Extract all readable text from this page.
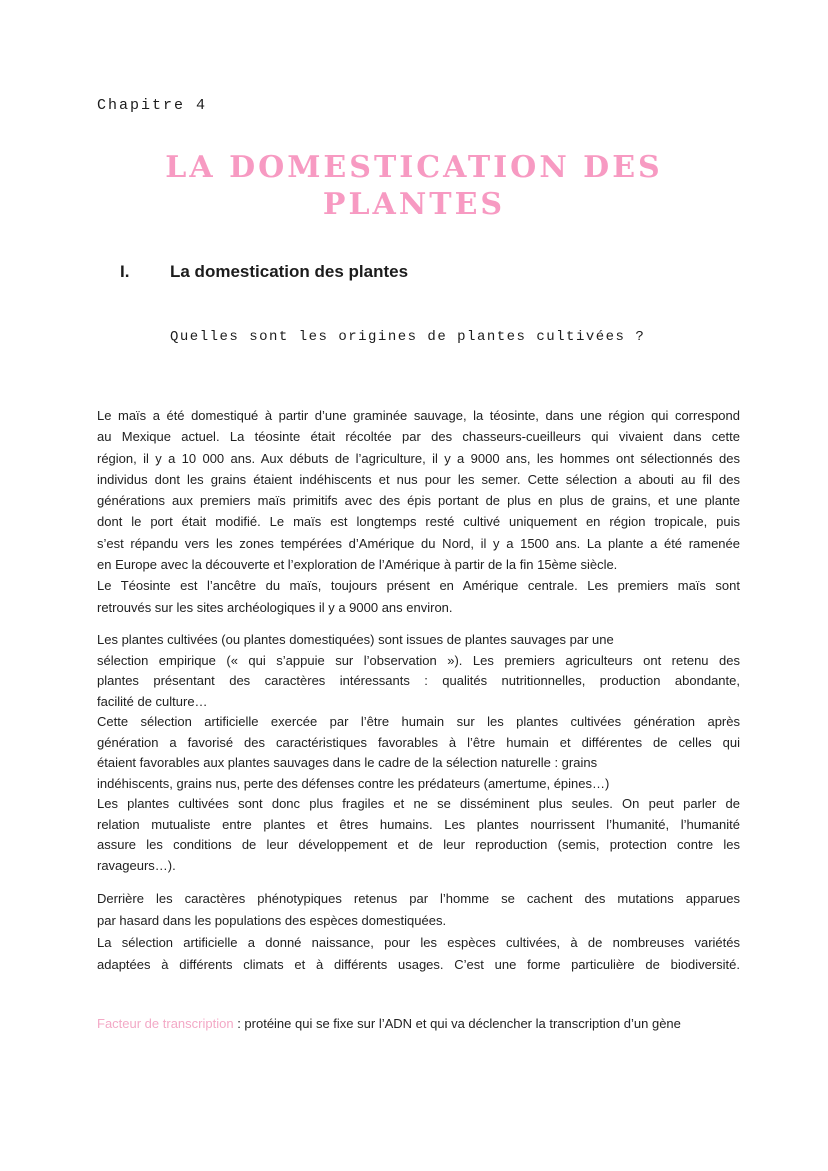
Chapitre 4
LA DOMESTICATION DES
PLANTES
I. La domestication des plantes
Quelles sont les origines de plantes cultivées ?
Le maïs a été domestiqué à partir d’une graminée sauvage, la téosinte, dans une région qui correspond
au Mexique actuel. La téosinte était récoltée par des chasseurs-cueilleurs qui vivaient dans cette
région, il y a 10 000 ans. Aux débuts de l’agriculture, il y a 9000 ans, les hommes ont sélectionnés des
individus dont les grains étaient indéhiscents et nus pour les semer. Cette sélection a abouti au fil des
générations aux premiers maïs primitifs avec des épis portant de plus en plus de grains, et une plante
dont le port était modifié. Le maïs est longtemps resté cultivé uniquement en région tropicale, puis
s’est répandu vers les zones tempérées d’Amérique du Nord, il y a 1500 ans. La plante a été ramenée
en Europe avec la découverte et l’exploration de l’Amérique à partir de la fin 15ème siècle.
Le Téosinte est l’ancêtre du maïs, toujours présent en Amérique centrale. Les premiers maïs sont
retrouvés sur les sites archéologiques il y a 9000 ans environ.
Les plantes cultivées (ou plantes domestiquées) sont issues de plantes sauvages par une
sélection empirique (« qui s’appuie sur l’observation »). Les premiers agriculteurs ont retenu des
plantes présentant des caractères intéressants : qualités nutritionnelles, production abondante,
facilité de culture…
Cette sélection artificielle exercée par l’être humain sur les plantes cultivées génération après
génération a favorisé des caractéristiques favorables à l’être humain et différentes de celles qui
étaient favorables aux plantes sauvages dans le cadre de la sélection naturelle : grains
indéhiscents, grains nus, perte des défenses contre les prédateurs (amertume, épines…)
Les plantes cultivées sont donc plus fragiles et ne se disséminent plus seules. On peut parler de
relation mutualiste entre plantes et êtres humains. Les plantes nourrissent l’humanité, l’humanité
assure les conditions de leur développement et de leur reproduction (semis, protection contre les
ravageurs…).
Derrière les caractères phénotypiques retenus par l’homme se cachent des mutations apparues
par hasard dans les populations des espèces domestiquées.
La sélection artificielle a donné naissance, pour les espèces cultivées, à de nombreuses variétés
adaptées à différents climats et à différents usages. C’est une forme particulière de biodiversité.
Facteur de transcription : protéine qui se fixe sur l’ADN et qui va déclencher la transcription d’un gène
